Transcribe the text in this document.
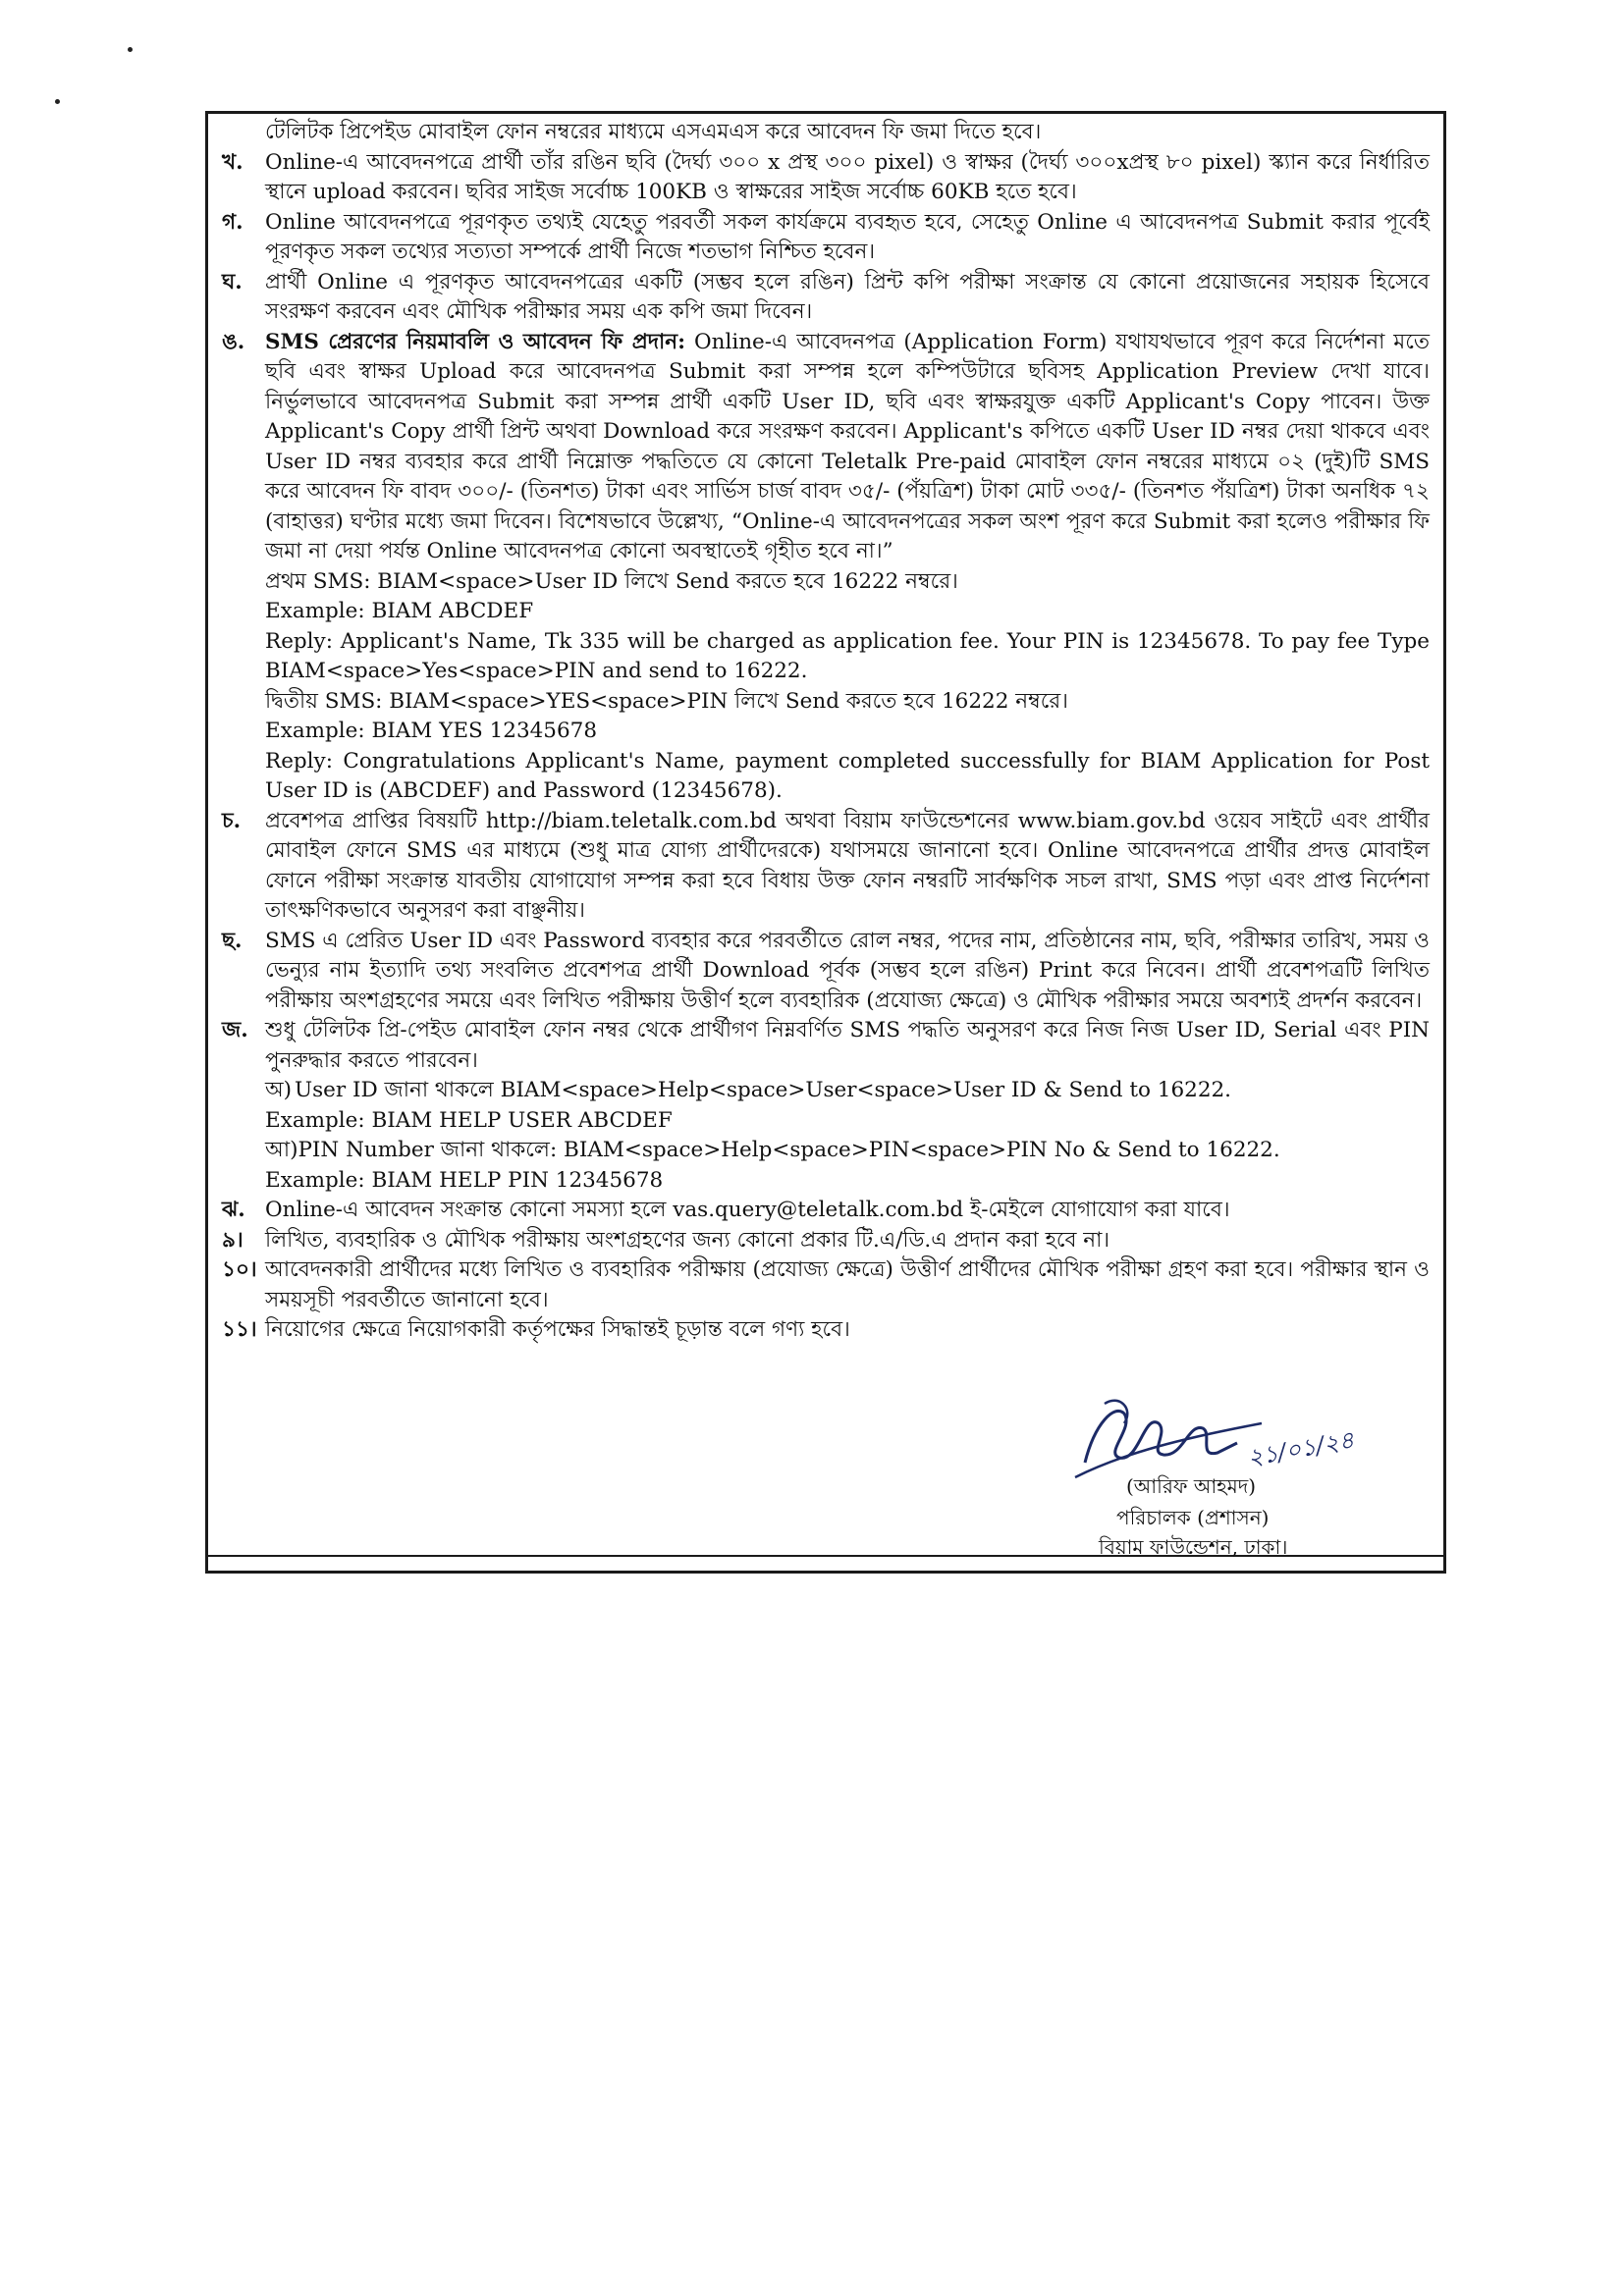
টেলিটক প্রিপেইড মোবাইল ফোন নম্বরের মাধ্যমে এসএমএস করে আবেদন ফি জমা দিতে হবে।
খ.	Online-এ আবেদনপত্রে প্রার্থী তাঁর রঙিন ছবি (দৈর্ঘ্য ৩০০ x প্রস্থ ৩০০ pixel) ও স্বাক্ষর (দৈর্ঘ্য ৩০০xপ্রস্থ ৮০ pixel) স্ক্যান করে নির্ধারিত স্থানে upload করবেন। ছবির সাইজ সর্বোচ্চ 100KB ও স্বাক্ষরের সাইজ সর্বোচ্চ 60KB হতে হবে।
গ.	Online আবেদনপত্রে পূরণকৃত তথ্যই যেহেতু পরবর্তী সকল কার্যক্রমে ব্যবহৃত হবে, সেহেতু Online এ আবেদনপত্র Submit করার পূর্বেই পূরণকৃত সকল তথ্যের সত্যতা সম্পর্কে প্রার্থী নিজে শতভাগ নিশ্চিত হবেন।
ঘ.	প্রার্থী Online এ পূরণকৃত আবেদনপত্রের একটি (সম্ভব হলে রঙিন) প্রিন্ট কপি পরীক্ষা সংক্রান্ত যে কোনো প্রয়োজনের সহায়ক হিসেবে সংরক্ষণ করবেন এবং মৌখিক পরীক্ষার সময় এক কপি জমা দিবেন।
ঙ. SMS প্রেরণের নিয়মাবলি ও আবেদন ফি প্রদান: Online-এ আবেদনপত্র (Application Form) যথাযথভাবে পূরণ করে নির্দেশনা মতে ছবি এবং স্বাক্ষর Upload করে আবেদনপত্র Submit করা সম্পন্ন হলে কম্পিউটারে ছবিসহ Application Preview দেখা যাবে। নির্ভুলভাবে আবেদনপত্র Submit করা সম্পন্ন প্রার্থী একটি User ID, ছবি এবং স্বাক্ষরযুক্ত একটি Applicant's Copy পাবেন। উক্ত Applicant's Copy প্রার্থী প্রিন্ট অথবা Download করে সংরক্ষণ করবেন। Applicant's কপিতে একটি User ID নম্বর দেয়া থাকবে এবং User ID নম্বর ব্যবহার করে প্রার্থী নিম্নোক্ত পদ্ধতিতে যে কোনো Teletalk Pre-paid মোবাইল ফোন নম্বরের মাধ্যমে ০২ (দুই)টি SMS করে আবেদন ফি বাবদ ৩০০/- (তিনশত) টাকা এবং সার্ভিস চার্জ বাবদ ৩৫/- (পঁয়ত্রিশ) টাকা মোট ৩৩৫/- (তিনশত পঁয়ত্রিশ) টাকা অনধিক ৭২ (বাহাত্তর) ঘণ্টার মধ্যে জমা দিবেন। বিশেষভাবে উল্লেখ্য, “Online-এ আবেদনপত্রের সকল অংশ পূরণ করে Submit করা হলেও পরীক্ষার ফি জমা না দেয়া পর্যন্ত Online আবেদনপত্র কোনো অবস্থাতেই গৃহীত হবে না।”
প্রথম SMS: BIAM<space>User ID লিখে Send করতে হবে 16222 নম্বরে।
Example: BIAM ABCDEF
Reply: Applicant's Name, Tk 335 will be charged as application fee. Your PIN is 12345678. To pay fee Type BIAM<space>Yes<space>PIN and send to 16222.
দ্বিতীয় SMS: BIAM<space>YES<space>PIN লিখে Send করতে হবে 16222 নম্বরে।
Example: BIAM YES 12345678
Reply: Congratulations Applicant's Name, payment completed successfully for BIAM Application for Post User ID is (ABCDEF) and Password (12345678).
চ.	প্রবেশপত্র প্রাপ্তির বিষয়টি http://biam.teletalk.com.bd অথবা বিয়াম ফাউন্ডেশনের www.biam.gov.bd ওয়েব সাইটে এবং প্রার্থীর মোবাইল ফোনে SMS এর মাধ্যমে (শুধু মাত্র যোগ্য প্রার্থীদেরকে) যথাসময়ে জানানো হবে। Online আবেদনপত্রে প্রার্থীর প্রদত্ত মোবাইল ফোনে পরীক্ষা সংক্রান্ত যাবতীয় যোগাযোগ সম্পন্ন করা হবে বিধায় উক্ত ফোন নম্বরটি সার্বক্ষণিক সচল রাখা, SMS পড়া এবং প্রাপ্ত নির্দেশনা তাৎক্ষণিকভাবে অনুসরণ করা বাঞ্ছনীয়।
ছ.	SMS এ প্রেরিত User ID এবং Password ব্যবহার করে পরবর্তীতে রোল নম্বর, পদের নাম, প্রতিষ্ঠানের নাম, ছবি, পরীক্ষার তারিখ, সময় ও ভেন্যুর নাম ইত্যাদি তথ্য সংবলিত প্রবেশপত্র প্রার্থী Download পূর্বক (সম্ভব হলে রঙিন) Print করে নিবেন। প্রার্থী প্রবেশপত্রটি লিখিত পরীক্ষায় অংশগ্রহণের সময়ে এবং লিখিত পরীক্ষায় উত্তীর্ণ হলে ব্যবহারিক (প্রযোজ্য ক্ষেত্রে) ও মৌখিক পরীক্ষার সময়ে অবশ্যই প্রদর্শন করবেন।
জ. শুধু টেলিটক প্রি-পেইড মোবাইল ফোন নম্বর থেকে প্রার্থীগণ নিম্নবর্ণিত SMS পদ্ধতি অনুসরণ করে নিজ নিজ User ID, Serial এবং PIN পুনরুদ্ধার করতে পারবেন।
অ) User ID জানা থাকলে BIAM<space>Help<space>User<space>User ID & Send to 16222.
Example: BIAM HELP USER ABCDEF
আ) PIN Number জানা থাকলে: BIAM<space>Help<space>PIN<space>PIN No & Send to 16222.
Example: BIAM HELP PIN 12345678
ঝ. Online-এ আবেদন সংক্রান্ত কোনো সমস্যা হলে vas.query@teletalk.com.bd ই-মেইলে যোগাযোগ করা যাবে।
৯।	লিখিত, ব্যবহারিক ও মৌখিক পরীক্ষায় অংশগ্রহণের জন্য কোনো প্রকার টি.এ/ডি.এ প্রদান করা হবে না।
১০। আবেদনকারী প্রার্থীদের মধ্যে লিখিত ও ব্যবহারিক পরীক্ষায় (প্রযোজ্য ক্ষেত্রে) উত্তীর্ণ প্রার্থীদের মৌখিক পরীক্ষা গ্রহণ করা হবে। পরীক্ষার স্থান ও সময়সূচী পরবর্তীতে জানানো হবে।
১১। নিয়োগের ক্ষেত্রে নিয়োগকারী কর্তৃপক্ষের সিদ্ধান্তই চূড়ান্ত বলে গণ্য হবে।
২১/০১/২৪
(আরিফ আহমদ)
পরিচালক (প্রশাসন)
বিয়াম ফাউন্ডেশন, ঢাকা।
